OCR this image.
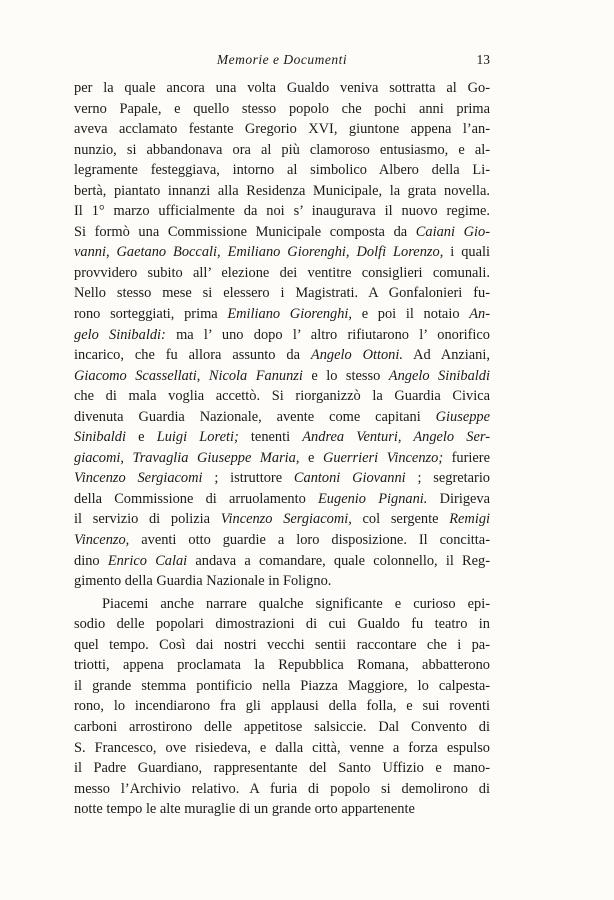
Memorie e Documenti	13
per la quale ancora una volta Gualdo veniva sottratta al Go-
verno Papale, e quello stesso popolo che pochi anni prima
aveva acclamato festante Gregorio XVI, giuntone appena l’an-
nunzio, si abbandonava ora al più clamoroso entusiasmo, e al-
legramente festeggiava, intorno al simbolico Albero della Li-
bertà, piantato innanzi alla Residenza Municipale, la grata novella.
Il 1° marzo ufficialmente da noi s’ inaugurava il nuovo regime.
Si formò una Commissione Municipale composta da Caiani Gio-
vanni, Gaetano Boccali, Emiliano Giorenghi, Dolfi Lorenzo, i quali
provvidero subito all’ elezione dei ventitre consiglieri comunali.
Nello stesso mese si elessero i Magistrati. A Gonfalonieri fu-
rono sorteggiati, prima Emiliano Giorenghi, e poi il notaio An-
gelo Sinibaldi: ma l’ uno dopo l’ altro rifiutarono l’ onorifico
incarico, che fu allora assunto da Angelo Ottoni. Ad Anziani,
Giacomo Scassellati, Nicola Fanunzi e lo stesso Angelo Sinibaldi
che di mala voglia accettò. Si riorganizzò la Guardia Civica
divenuta Guardia Nazionale, avente come capitani Giuseppe
Sinibaldi e Luigi Loreti; tenenti Andrea Venturi, Angelo Ser-
giacomi, Travaglia Giuseppe Maria, e Guerrieri Vincenzo; furiere
Vincenzo Sergiacomi ; istruttore Cantoni Giovanni ; segretario
della Commissione di arruolamento Eugenio Pignani. Dirigeva
il servizio di polizia Vincenzo Sergiacomi, col sergente Remigi
Vincenzo, aventi otto guardie a loro disposizione. Il concitta-
dino Enrico Calai andava a comandare, quale colonnello, il Reg-
gimento della Guardia Nazionale in Foligno.
Piacemi anche narrare qualche significante e curioso epi-
sodio delle popolari dimostrazioni di cui Gualdo fu teatro in
quel tempo. Così dai nostri vecchi sentii raccontare che i pa-
triotti, appena proclamata la Repubblica Romana, abbatterono
il grande stemma pontificio nella Piazza Maggiore, lo calpesta-
rono, lo incendiarono fra gli applausi della folla, e sui roventi
carboni arrostirono delle appetitose salsiccie. Dal Convento di
S. Francesco, ove risiedeva, e dalla città, venne a forza espulso
il Padre Guardiano, rappresentante del Santo Uffizio e mano-
messo l’Archivio relativo. A furia di popolo si demolirono di
notte tempo le alte muraglie di un grande orto appartenente
